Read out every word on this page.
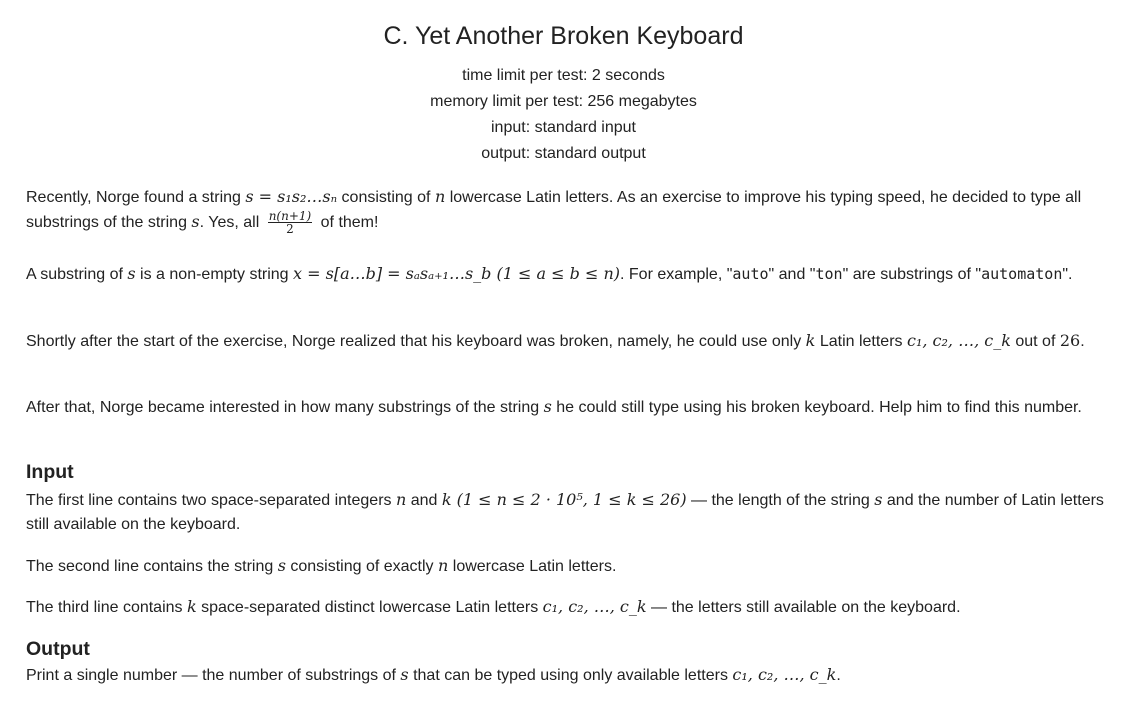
C. Yet Another Broken Keyboard
time limit per test: 2 seconds
memory limit per test: 256 megabytes
input: standard input
output: standard output
Recently, Norge found a string s = s₁s₂…sₙ consisting of n lowercase Latin letters. As an exercise to improve his typing speed, he decided to type all substrings of the string s. Yes, all $\frac{n(n+1)}{2}$ of them!
A substring of s is a non-empty string x = s[a…b] = sₐsₐ₊₁…s_b (1 ≤ a ≤ b ≤ n). For example, "auto" and "ton" are substrings of "automaton".
Shortly after the start of the exercise, Norge realized that his keyboard was broken, namely, he could use only k Latin letters c₁, c₂, …, c_k out of 26.
After that, Norge became interested in how many substrings of the string s he could still type using his broken keyboard. Help him to find this number.
Input
The first line contains two space-separated integers n and k (1 ≤ n ≤ 2 · 10⁵, 1 ≤ k ≤ 26) — the length of the string s and the number of Latin letters still available on the keyboard.
The second line contains the string s consisting of exactly n lowercase Latin letters.
The third line contains k space-separated distinct lowercase Latin letters c₁, c₂, …, c_k — the letters still available on the keyboard.
Output
Print a single number — the number of substrings of s that can be typed using only available letters c₁, c₂, …, c_k.
